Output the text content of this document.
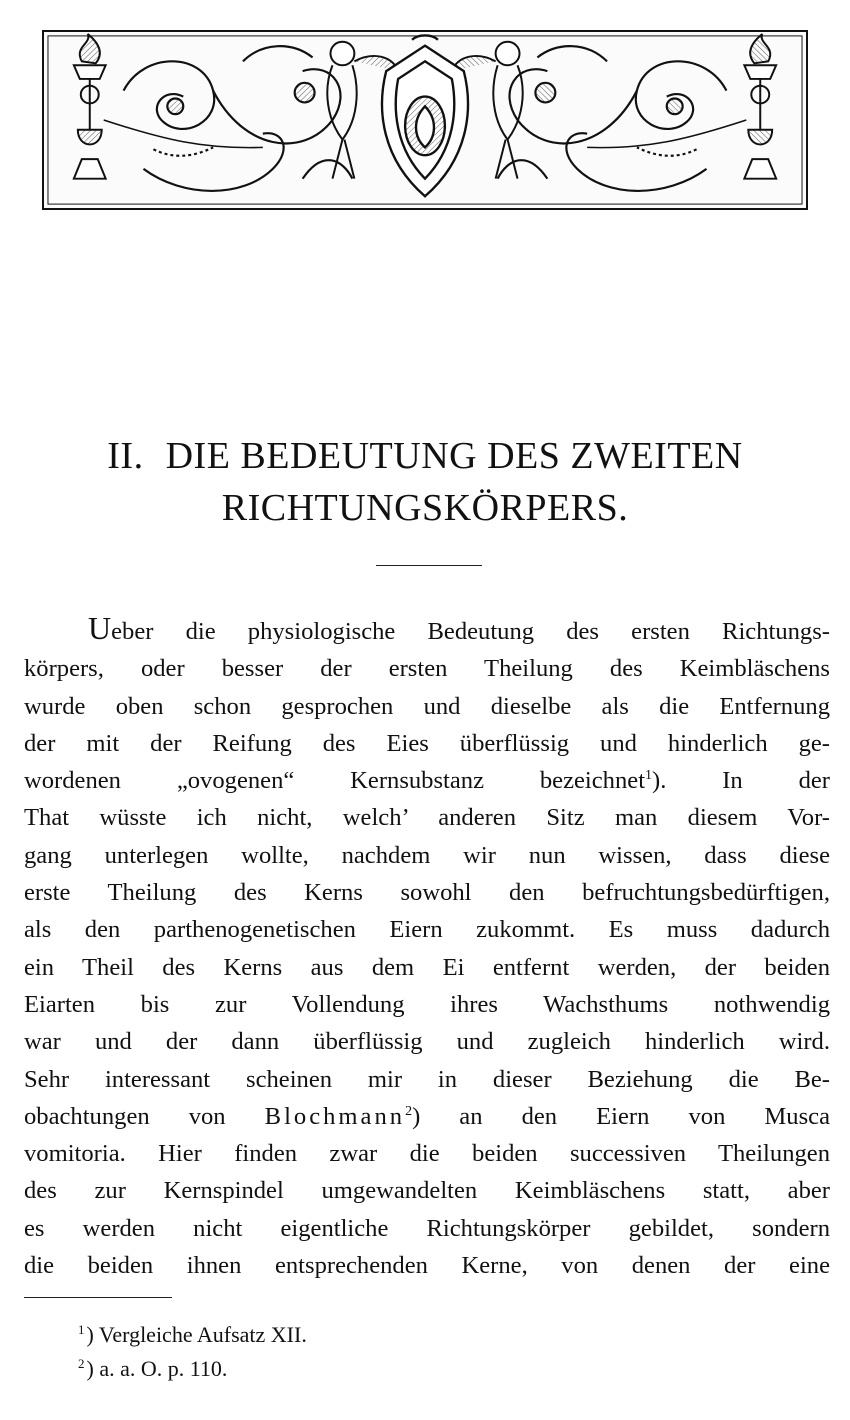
II. DIE BEDEUTUNG DES ZWEITEN
RICHTUNGSKÖRPERS.
Ueber die physiologische Bedeutung des ersten Richtungs-
körpers, oder besser der ersten Theilung des Keimbläschens
wurde oben schon gesprochen und dieselbe als die Entfernung
der mit der Reifung des Eies überflüssig und hinderlich ge-
wordenen „ovogenen“ Kernsubstanz bezeichnet$^1$). In der
That wüsste ich nicht, welch’ anderen Sitz man diesem Vor-
gang unterlegen wollte, nachdem wir nun wissen, dass diese
erste Theilung des Kerns sowohl den befruchtungsbedürftigen,
als den parthenogenetischen Eiern zukommt. Es muss dadurch
ein Theil des Kerns aus dem Ei entfernt werden, der beiden
Eiarten bis zur Vollendung ihres Wachsthums nothwendig
war und der dann überflüssig und zugleich hinderlich wird.
Sehr interessant scheinen mir in dieser Beziehung die Be-
obachtungen von Blochmann$^2$) an den Eiern von Musca
vomitoria. Hier finden zwar die beiden successiven Theilungen
des zur Kernspindel umgewandelten Keimbläschens statt, aber
es werden nicht eigentliche Richtungskörper gebildet, sondern
die beiden ihnen entsprechenden Kerne, von denen der eine
$^1$) Vergleiche Aufsatz XII.
$^2$) a. a. O. p. 110.
